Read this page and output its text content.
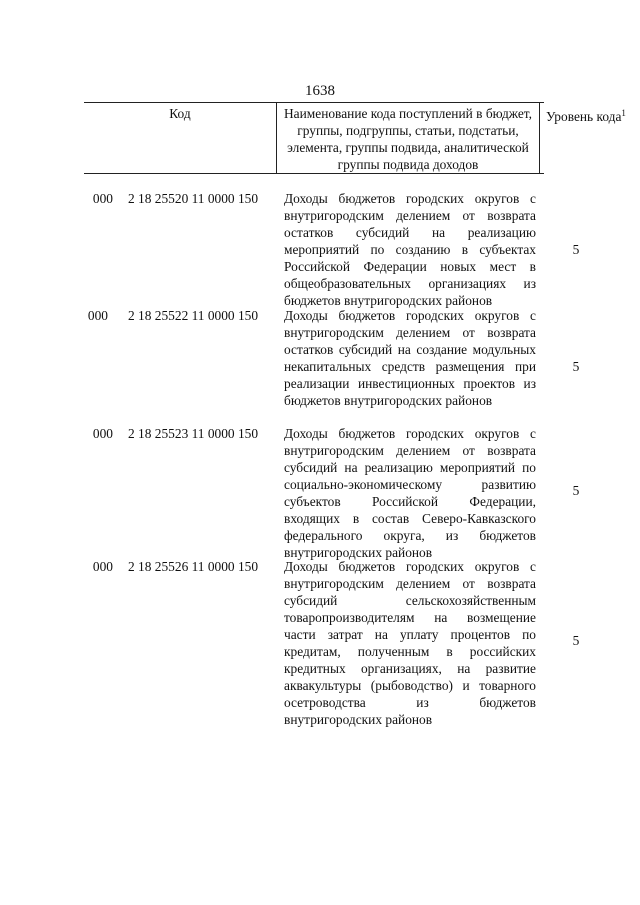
1638
Код	Наименование кода поступлений в бюджет, группы, подгруппы, статьи, подстатьи, элемента, группы подвида, аналитической группы подвида доходов
Уровень кода$^1$
000 2 18 25520 11 0000 150 Доходы бюджетов городских округов с внутригородским делением от возврата остатков субсидий на реализацию мероприятий по созданию в субъектах Российской Федерации новых мест в общеобразовательных организациях из бюджетов внутригородских районов
5
000 2 18 25522 11 0000 150 Доходы бюджетов городских округов с внутригородским делением от возврата остатков субсидий на создание модульных некапитальных средств размещения при реализации инвестиционных проектов из бюджетов внутригородских районов
5
000 2 18 25523 11 0000 150 Доходы бюджетов городских округов с внутригородским делением от возврата субсидий на реализацию мероприятий по социально-экономическому развитию субъектов Российской Федерации, входящих в состав Северо-Кавказского федерального округа, из бюджетов внутригородских районов
5
000 2 18 25526 11 0000 150 Доходы бюджетов городских округов с внутригородским делением от возврата субсидий сельскохозяйственным товаропроизводителям на возмещение части затрат на уплату процентов по кредитам, полученным в российских кредитных организациях, на развитие аквакультуры (рыбоводство) и товарного осетроводства из бюджетов внутригородских районов
5
